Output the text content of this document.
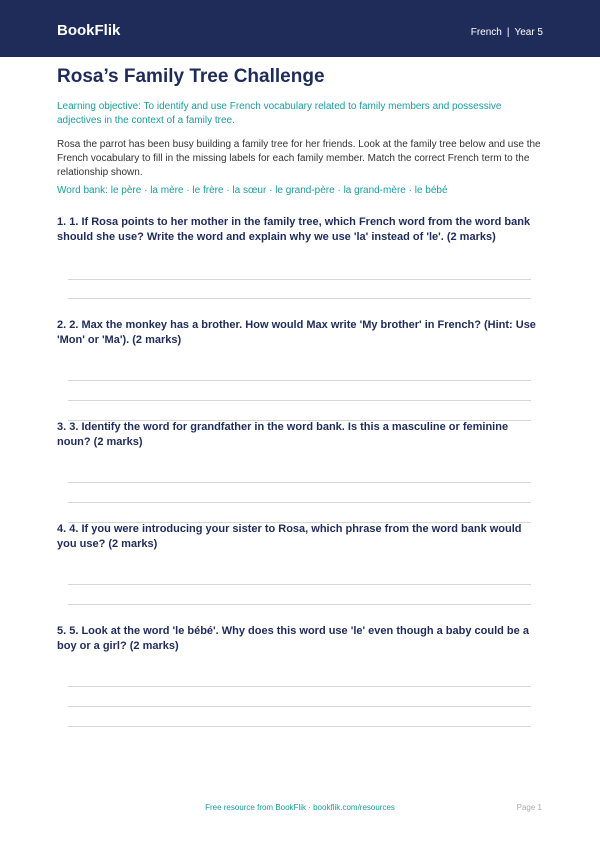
BookFlik	French | Year 5
Rosa’s Family Tree Challenge
Learning objective: To identify and use French vocabulary related to family members and possessive adjectives in the context of a family tree.
Rosa the parrot has been busy building a family tree for her friends. Look at the family tree below and use the French vocabulary to fill in the missing labels for each family member. Match the correct French term to the relationship shown.
Word bank: le père · la mère · le frère · la sœur · le grand-père · la grand-mère · le bébé
1. 1. If Rosa points to her mother in the family tree, which French word from the word bank should she use? Write the word and explain why we use 'la' instead of 'le'. (2 marks)
2. 2. Max the monkey has a brother. How would Max write 'My brother' in French? (Hint: Use 'Mon' or 'Ma'). (2 marks)
3. 3. Identify the word for grandfather in the word bank. Is this a masculine or feminine noun? (2 marks)
4. 4. If you were introducing your sister to Rosa, which phrase from the word bank would you use? (2 marks)
5. 5. Look at the word 'le bébé'. Why does this word use 'le' even though a baby could be a boy or a girl? (2 marks)
Free resource from BookFlik · bookflik.com/resources	Page 1
